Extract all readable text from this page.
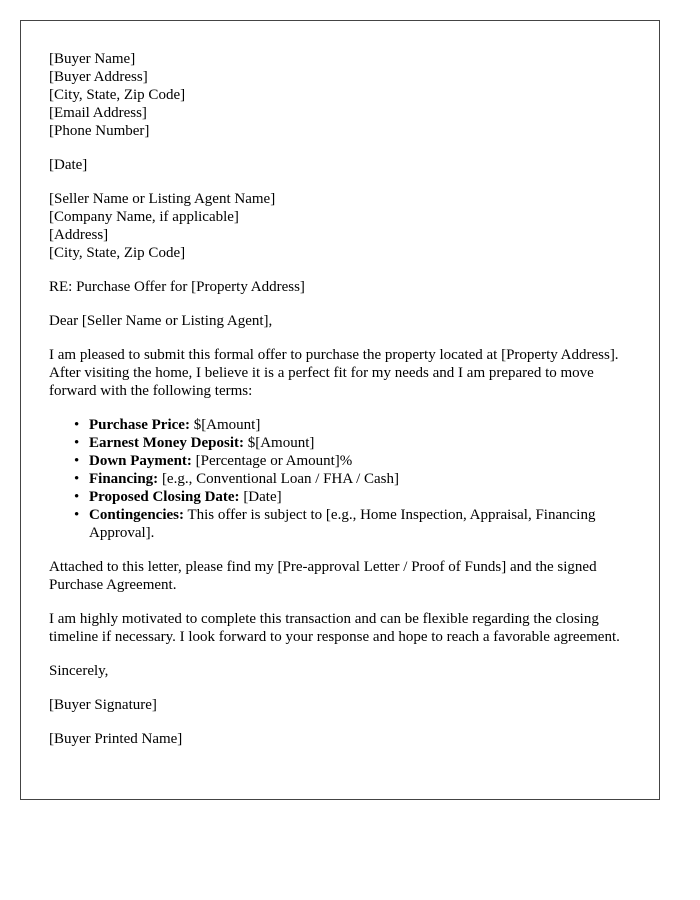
[Buyer Name]
[Buyer Address]
[City, State, Zip Code]
[Email Address]
[Phone Number]
[Date]
[Seller Name or Listing Agent Name]
[Company Name, if applicable]
[Address]
[City, State, Zip Code]

RE: Purchase Offer for [Property Address]

Dear [Seller Name or Listing Agent],

I am pleased to submit this formal offer to purchase the property located at [Property Address]. After visiting the home, I believe it is a perfect fit for my needs and I am prepared to move forward with the following terms:

• Purchase Price: $[Amount]
• Earnest Money Deposit: $[Amount]
• Down Payment: [Percentage or Amount]%
• Financing: [e.g., Conventional Loan / FHA / Cash]
• Proposed Closing Date: [Date]
• Contingencies: This offer is subject to [e.g., Home Inspection, Appraisal, Financing Approval].

Attached to this letter, please find my [Pre-approval Letter / Proof of Funds] and the signed Purchase Agreement.

I am highly motivated to complete this transaction and can be flexible regarding the closing timeline if necessary. I look forward to your response and hope to reach a favorable agreement.

Sincerely,

[Buyer Signature]

[Buyer Printed Name]
